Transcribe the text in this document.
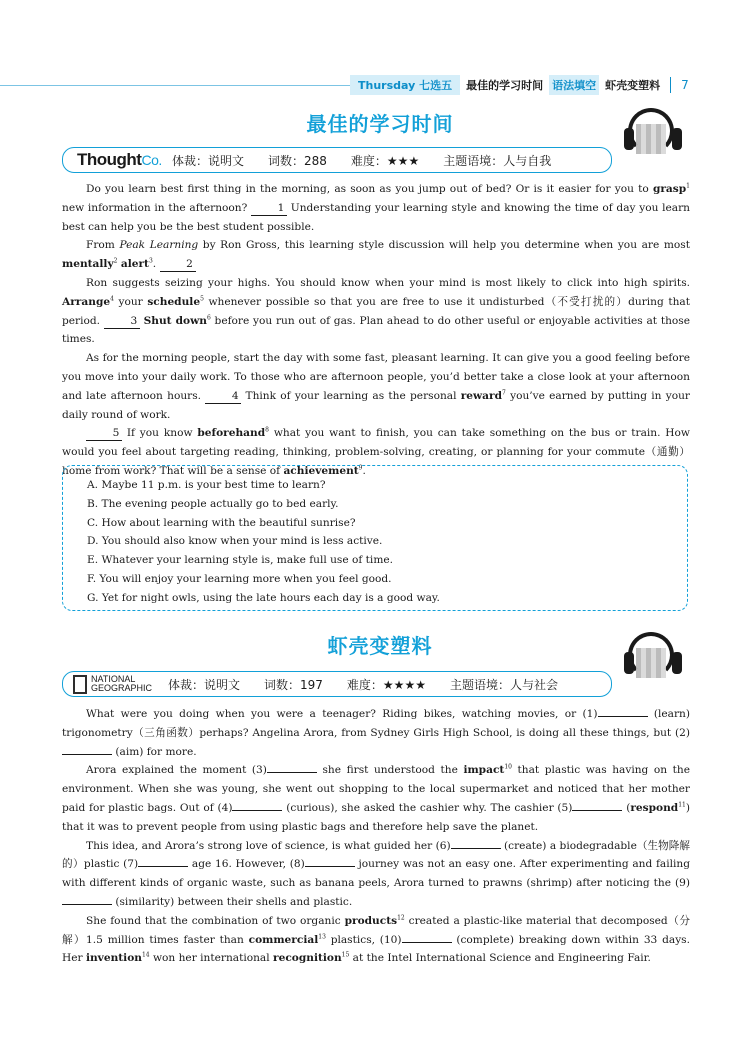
Thursday 七选五	最佳的学习时间 语法填空 虾壳变塑料 7
最佳的学习时间
ThoughtCo. 体裁：说明文 词数：288 难度：★★★ 主题语境：人与自我

Do you learn best first thing in the morning, as soon as you jump out of bed? Or is it easier for you to grasp$^1$ new information in the afternoon?	1 Understanding your learning style and knowing the time of day you learn best can help you be the best student possible.

From Peak Learning by Ron Gross, this learning style discussion will help you determine when you are most mentally$^2$ alert$^3$.	2

Ron suggests seizing your highs. You should know when your mind is most likely to click into high spirits. Arrange$^4$ your schedule$^5$ whenever possible so that you are free to use it undisturbed（不受打扰的）during that period.	3 Shut down$^6$ before you run out of gas. Plan ahead to do other useful or enjoyable activities at those times.

As for the morning people, start the day with some fast, pleasant learning. It can give you a good feeling before you move into your daily work. To those who are afternoon people, you’d better take a close look at your afternoon and late afternoon hours.	4 Think of your learning as the personal reward$^7$ you’ve earned by putting in your daily round of work.

5 If you know beforehand$^8$ what you want to finish, you can take something on the bus or train. How would you feel about targeting reading, thinking, problem-solving, creating, or planning for your commute（通勤）home from work? That will be a sense of achievement$^9$.

A. Maybe 11 p.m. is your best time to learn?
B. The evening people actually go to bed early.
C. How about learning with the beautiful sunrise?
D. You should also know when your mind is less active.
E. Whatever your learning style is, make full use of time.
F. You will enjoy your learning more when you feel good.
G. Yet for night owls, using the late hours each day is a good way.
虾壳变塑料
NATIONAL
GEOGRAPHIC 体裁：说明文 词数：197 难度：★★★★ 主题语境：人与社会

What were you doing when you were a teenager? Riding bikes, watching movies, or (1)	(learn) trigonometry（三角函数）perhaps? Angelina Arora, from Sydney Girls High School, is doing all these things, but (2) (aim) for more.

Arora explained the moment (3)	she first understood the impact$^{10}$ that plastic was having on the environment. When she was young, she went out shopping to the local supermarket and noticed that her mother paid for plastic bags. Out of (4)	(curious), she asked the cashier why. The cashier (5)	(respond$^{11}$) that it was to prevent people from using plastic bags and therefore help save the planet.

This idea, and Arora’s strong love of science, is what guided her (6)	(create) a biodegradable（生物降解的）plastic (7)	age 16. However, (8)	journey was not an easy one. After experimenting and failing with different kinds of organic waste, such as banana peels, Arora turned to prawns (shrimp) after noticing the (9) (similarity) between their shells and plastic.

She found that the combination of two organic products$^{12}$ created a plastic-like material that decomposed（分解）1.5 million times faster than commercial$^{13}$ plastics, (10)	(complete) breaking down within 33 days. Her invention$^{14}$ won her international recognition$^{15}$ at the Intel International Science and Engineering Fair.
